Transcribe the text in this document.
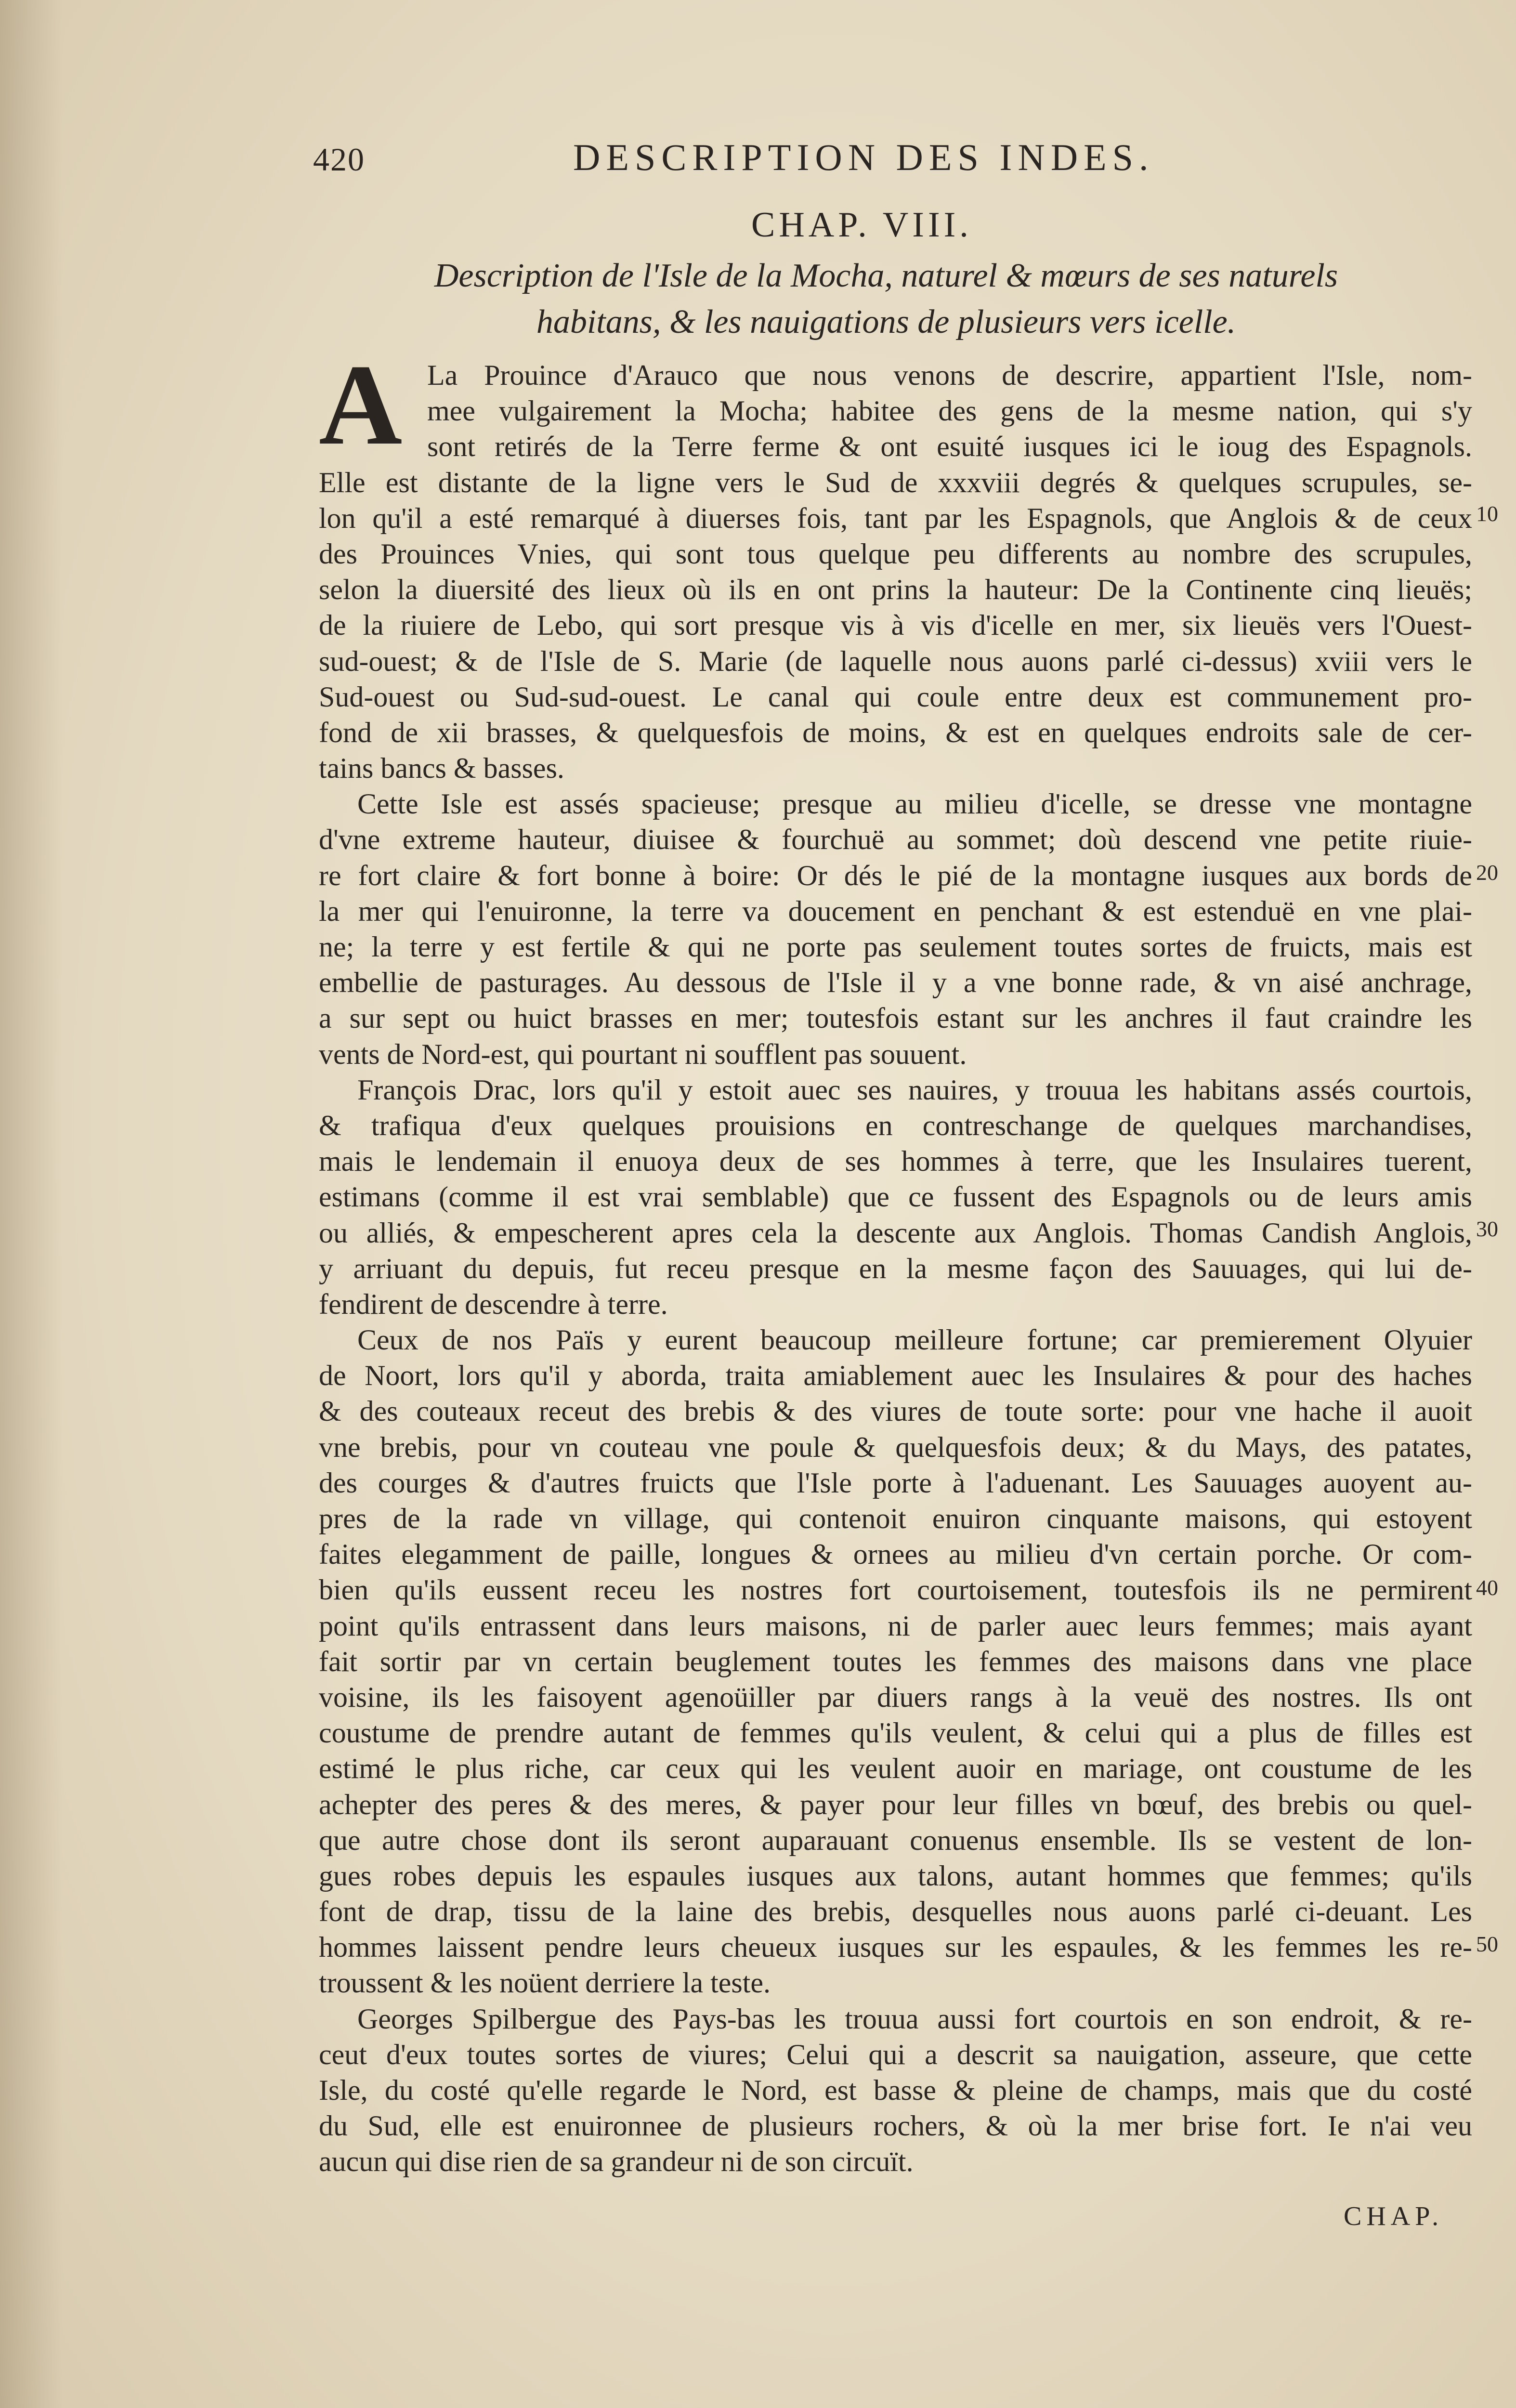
420	DESCRIPTION DES INDES.
CHAP. VIII.
Description de l'Isle de la Mocha, naturel & mœurs de ses naturels
habitans, & les nauigations de plusieurs vers icelle.
A La Prouince d'Arauco que nous venons de descrire, appartient l'Isle, nom-
mee vulgairement la Mocha; habitee des gens de la mesme nation, qui s'y
sont retirés de la Terre ferme & ont esuité iusques ici le ioug des Espagnols.
Elle est distante de la ligne vers le Sud de xxxviii degrés & quelques scrupules, se-
lon qu'il a esté remarqué à diuerses fois, tant par les Espagnols, que Anglois & de ceux
des Prouinces Vnies, qui sont tous quelque peu differents au nombre des scrupules,
selon la diuersité des lieux où ils en ont prins la hauteur: De la Continente cinq lieuës;
de la riuiere de Lebo, qui sort presque vis à vis d'icelle en mer, six lieuës vers l'Ouest-
sud-ouest; & de l'Isle de S. Marie (de laquelle nous auons parlé ci-dessus) xviii vers le
Sud-ouest ou Sud-sud-ouest. Le canal qui coule entre deux est communement pro-
fond de xii brasses, & quelquesfois de moins, & est en quelques endroits sale de cer-
tains bancs & basses.
Cette Isle est assés spacieuse; presque au milieu d'icelle, se dresse vne montagne
d'vne extreme hauteur, diuisee & fourchuë au sommet; doù descend vne petite riuie-
re fort claire & fort bonne à boire: Or dés le pié de la montagne iusques aux bords de
la mer qui l'enuironne, la terre va doucement en penchant & est estenduë en vne plai-
ne; la terre y est fertile & qui ne porte pas seulement toutes sortes de fruicts, mais est
embellie de pasturages. Au dessous de l'Isle il y a vne bonne rade, & vn aisé anchrage,
a sur sept ou huict brasses en mer; toutesfois estant sur les anchres il faut craindre les
vents de Nord-est, qui pourtant ni soufflent pas souuent.
François Drac, lors qu'il y estoit auec ses nauires, y trouua les habitans assés courtois,
& trafiqua d'eux quelques prouisions en contreschange de quelques marchandises,
mais le lendemain il enuoya deux de ses hommes à terre, que les Insulaires tuerent,
estimans (comme il est vrai semblable) que ce fussent des Espagnols ou de leurs amis
ou alliés, & empescherent apres cela la descente aux Anglois. Thomas Candish Anglois,
y arriuant du depuis, fut receu presque en la mesme façon des Sauuages, qui lui de-
fendirent de descendre à terre.
Ceux de nos Païs y eurent beaucoup meilleure fortune; car premierement Olyuier
de Noort, lors qu'il y aborda, traita amiablement auec les Insulaires & pour des haches
& des couteaux receut des brebis & des viures de toute sorte: pour vne hache il auoit
vne brebis, pour vn couteau vne poule & quelquesfois deux; & du Mays, des patates,
des courges & d'autres fruicts que l'Isle porte à l'aduenant. Les Sauuages auoyent au-
pres de la rade vn village, qui contenoit enuiron cinquante maisons, qui estoyent
faites elegamment de paille, longues & ornees au milieu d'vn certain porche. Or com-
bien qu'ils eussent receu les nostres fort courtoisement, toutesfois ils ne permirent
point qu'ils entrassent dans leurs maisons, ni de parler auec leurs femmes; mais ayant
fait sortir par vn certain beuglement toutes les femmes des maisons dans vne place
voisine, ils les faisoyent agenoüiller par diuers rangs à la veuë des nostres. Ils ont
coustume de prendre autant de femmes qu'ils veulent, & celui qui a plus de filles est
estimé le plus riche, car ceux qui les veulent auoir en mariage, ont coustume de les
achepter des peres & des meres, & payer pour leur filles vn bœuf, des brebis ou quel-
que autre chose dont ils seront auparauant conuenus ensemble. Ils se vestent de lon-
gues robes depuis les espaules iusques aux talons, autant hommes que femmes; qu'ils
font de drap, tissu de la laine des brebis, desquelles nous auons parlé ci-deuant. Les
hommes laissent pendre leurs cheueux iusques sur les espaules, & les femmes les re-
troussent & les noüent derriere la teste.
Georges Spilbergue des Pays-bas les trouua aussi fort courtois en son endroit, & re-
ceut d'eux toutes sortes de viures; Celui qui a descrit sa nauigation, asseure, que cette
Isle, du costé qu'elle regarde le Nord, est basse & pleine de champs, mais que du costé
du Sud, elle est enuironnee de plusieurs rochers, & où la mer brise fort. Ie n'ai veu
aucun qui dise rien de sa grandeur ni de son circuït.
10
20
30
40
50
CHAP.
